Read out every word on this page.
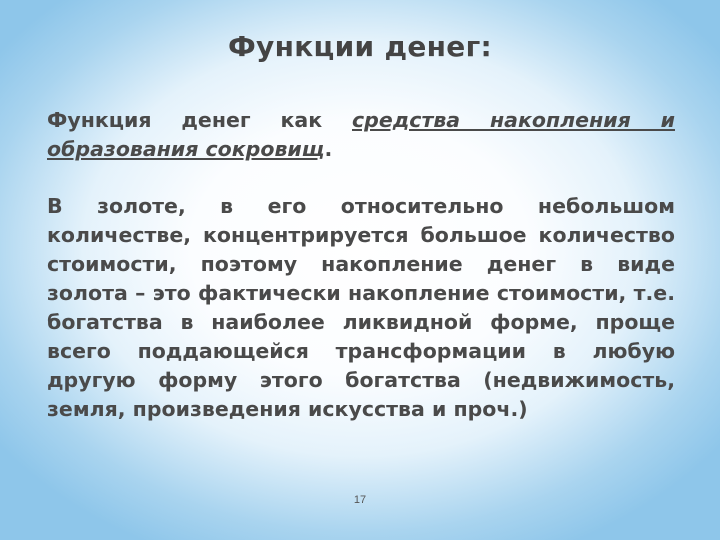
Функции денег:
Функция денег как средства накопления и образования сокровищ.
В золоте, в его относительно небольшом количестве, концентрируется большое количество стоимости, поэтому накопление денег в виде золота – это фактически накопление стоимости, т.е. богатства в наиболее ликвидной форме, проще всего поддающейся трансформации в любую другую форму этого богатства (недвижимость, земля, произведения искусства и проч.)
17
